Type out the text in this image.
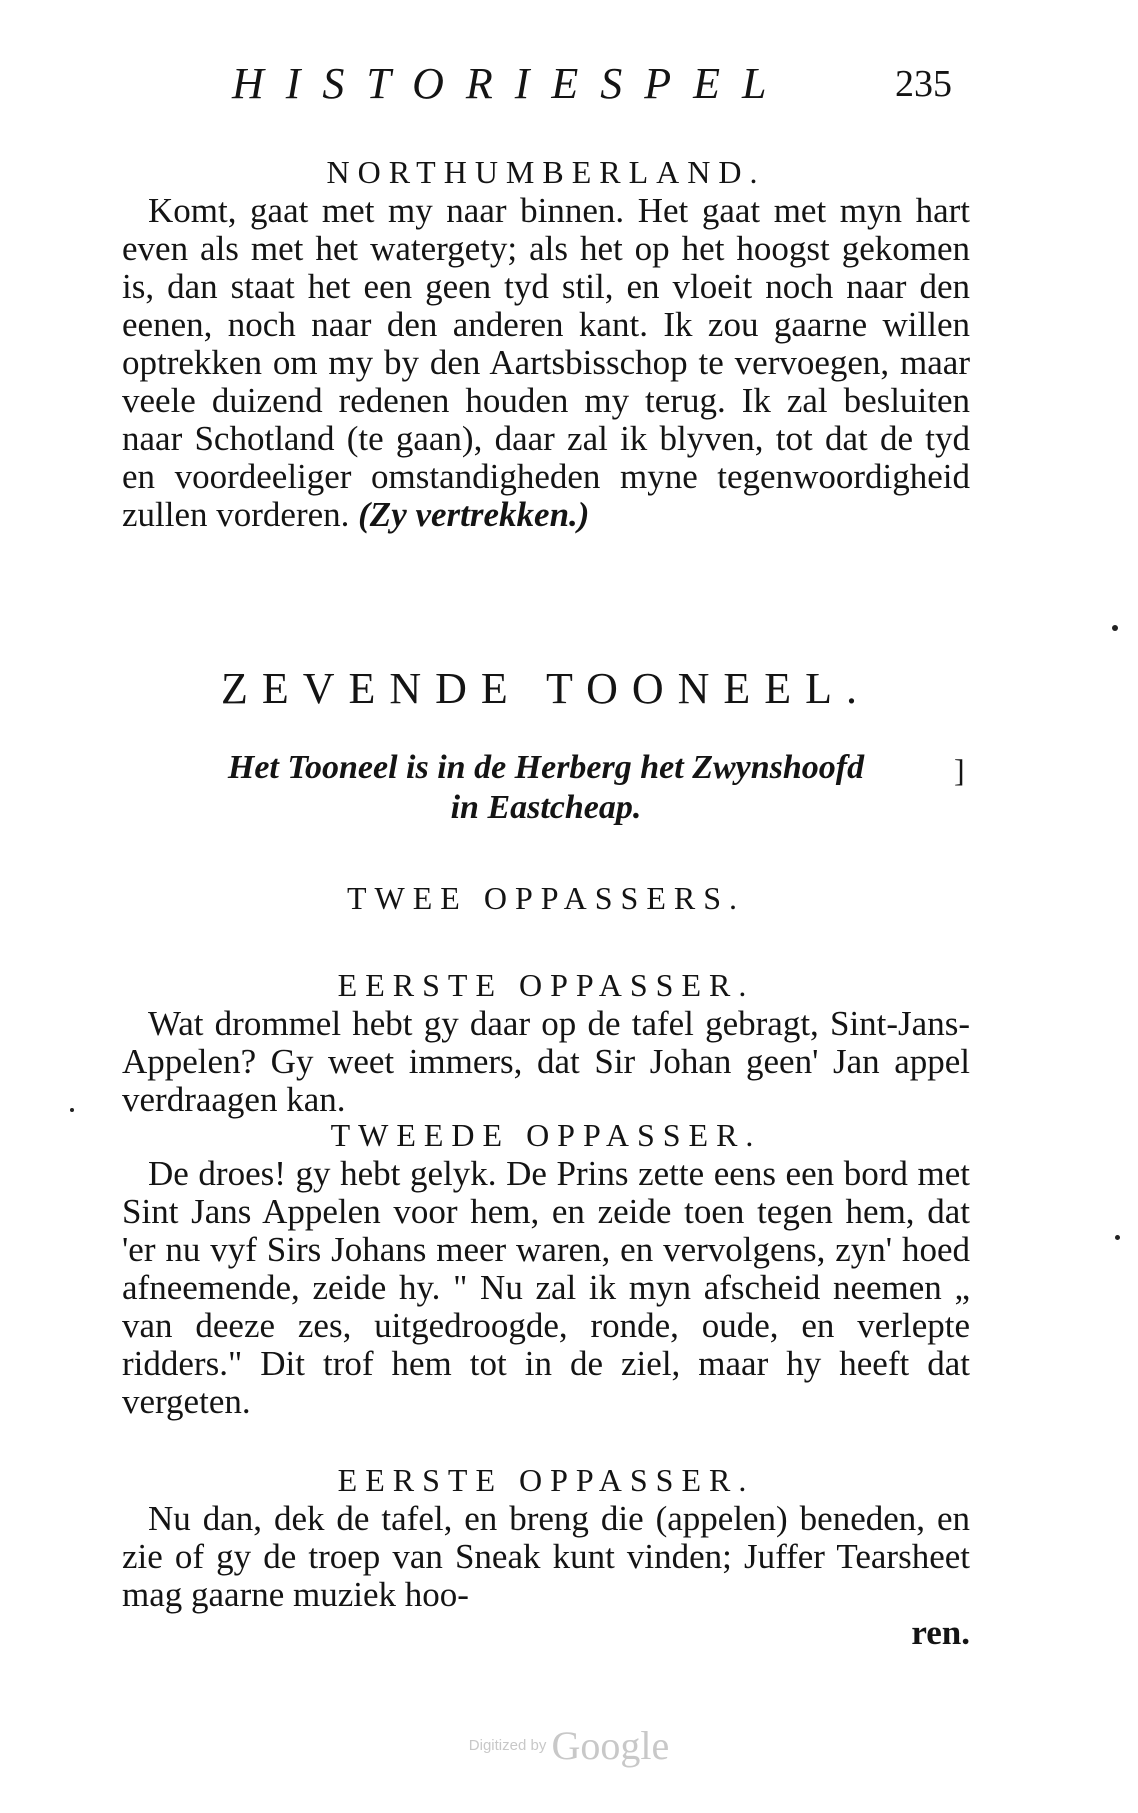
HISTORIESPEL	235

NORTHUMBERLAND.

Komt, gaat met my naar binnen. Het gaat met myn hart even als met het watergety; als het op het hoogst gekomen is, dan staat het een geen tyd stil, en vloeit noch naar den eenen, noch naar den anderen kant. Ik zou gaarne willen optrekken om my by den Aartsbisschop te vervoegen, maar veele duizend redenen houden my terug. Ik zal besluiten naar Schotland (te gaan), daar zal ik blyven, tot dat de tyd en voordeeliger omstandigheden myne tegenwoordigheid zullen vorderen. (Zy vertrekken.)

ZEVENDE TOONEEL.
Het Tooneel is in de Herberg het Zwynshoofd
in Eastcheap.
]

TWEE OPPASSERS.

EERSTE OPPASSER.

Wat drommel hebt gy daar op de tafel gebragt, Sint-Jans-Appelen? Gy weet immers, dat Sir Johan geen' Jan appel verdraagen kan.

TWEEDE OPPASSER.

De droes! gy hebt gelyk. De Prins zette eens een bord met Sint Jans Appelen voor hem, en zeide toen tegen hem, dat 'er nu vyf Sirs Johans meer waren, en vervolgens, zyn' hoed afneemende, zeide hy. " Nu zal ik myn afscheid neemen „ van deeze zes, uitgedroogde, ronde, oude, en verlepte ridders." Dit trof hem tot in de ziel, maar hy heeft dat vergeten.

EERSTE OPPASSER.

Nu dan, dek de tafel, en breng die (appelen) beneden, en zie of gy de troep van Sneak kunt vinden; Juffer Tearsheet mag gaarne muziek hoo-

ren.

Digitized by Google
